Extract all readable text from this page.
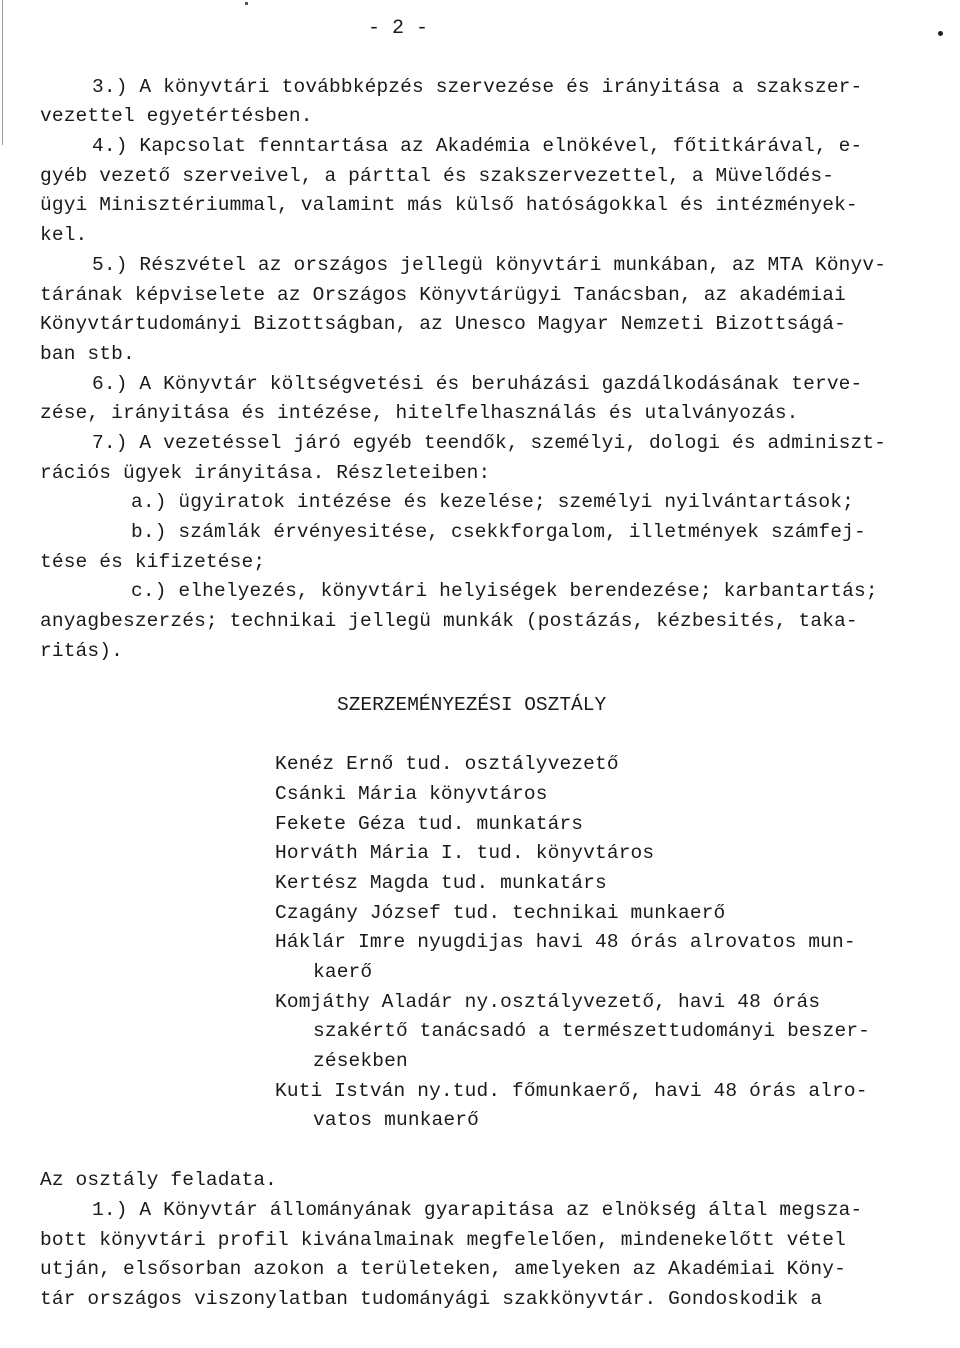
- 2 -
3.) A könyvtári továbbképzés szervezése és irányitása a szakszer-
vezettel egyetértésben.
4.) Kapcsolat fenntartása az Akadémia elnökével, főtitkárával, e-
gyéb vezető szerveivel, a párttal és szakszervezettel, a Müvelődés-
ügyi Minisztériummal, valamint más külső hatóságokkal és intézmények-
kel.
5.) Részvétel az országos jellegü könyvtári munkában, az MTA Könyv-
tárának képviselete az Országos Könyvtárügyi Tanácsban, az akadémiai
Könyvtártudományi Bizottságban, az Unesco Magyar Nemzeti Bizottságá-
ban stb.
6.) A Könyvtár költségvetési és beruházási gazdálkodásának terve-
zése, irányitása és intézése, hitelfelhasználás és utalványozás.
7.) A vezetéssel járó egyéb teendők, személyi, dologi és adminiszt-
rációs ügyek irányitása. Részleteiben:
a.) ügyiratok intézése és kezelése; személyi nyilvántartások;
b.) számlák érvényesitése, csekkforgalom, illetmények számfej-
tése és kifizetése;
c.) elhelyezés, könyvtári helyiségek berendezése; karbantartás;
anyagbeszerzés; technikai jellegü munkák (postázás, kézbesités, taka-
ritás).
SZERZEMÉNYEZÉSI OSZTÁLY
Kenéz Ernő tud. osztályvezető
Csánki Mária könyvtáros
Fekete Géza tud. munkatárs
Horváth Mária I. tud. könyvtáros
Kertész Magda tud. munkatárs
Czagány József tud. technikai munkaerő
Háklár Imre nyugdijas havi 48 órás alrovatos mun-
kaerő
Komjáthy Aladár ny.osztályvezető, havi 48 órás
szakértő tanácsadó a természettudományi beszer-
zésekben
Kuti István ny.tud. főmunkaerő, havi 48 órás alro-
vatos munkaerő
Az osztály feladata.
1.) A Könyvtár állományának gyarapitása az elnökség által megsza-
bott könyvtári profil kivánalmainak megfelelően, mindenekelőtt vétel
utján, elsősorban azokon a területeken, amelyeken az Akadémiai Köny-
tár országos viszonylatban tudományági szakkönyvtár. Gondoskodik a
